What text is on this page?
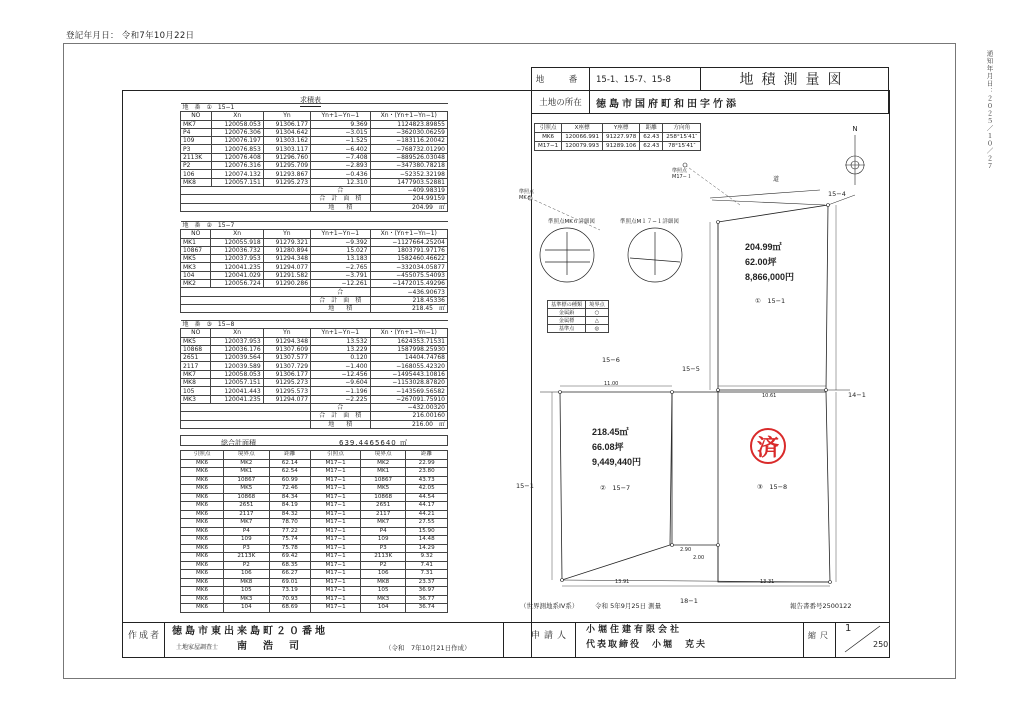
登記年月日： 令和7年10月22日
通知年月日：２０２５／１０／２７
地　番	15-1、15-7、15-8	地積測量図
土地の所在	徳島市国府町和田字竹添
求積表
地　番　①　15−1				
NO	Xn	Yn	Yn+1−Yn−1	Xn・(Yn+1−Yn−1)
MK7	120058.053	91306.177	9.369	1124823.89855
P4	120076.306	91304.642	−3.015	−362030.06259
109	120076.197	91303.162	−1.525	−183116.20042
P3	120076.853	91303.117	−6.402	−768732.01290
2113K	120076.408	91296.760	−7.408	−889526.03048
P2	120076.316	91295.709	−2.893	−347380.78218
106	120074.132	91293.867	−0.436	−52352.32198
MK8	120057.151	91295.273	12.310	1477903.52881
			合	−409.98319
			合　計　面　積	204.99159
			地　　積	204.99　㎡
地　番　②　15−7				
NO	Xn	Yn	Yn+1−Yn−1	Xn・(Yn+1−Yn−1)
MK1	120055.918	91279.321	−9.392	−1127664.25204
10867	120036.732	91280.894	15.027	1803791.97176
MK5	120037.953	91294.348	13.183	1582460.46622
MK3	120041.235	91294.077	−2.765	−332034.05877
104	120041.029	91291.582	−3.791	−455075.54093
MK2	120056.724	91290.286	−12.261	−1472015.49296
			合	−436.90673
			合　計　面　積	218.45336
			地　　積	218.45　㎡
地　番　③　15−8				
NO	Xn	Yn	Yn+1−Yn−1	Xn・(Yn+1−Yn−1)
MK5	120037.953	91294.348	13.532	1624353.71531
10868	120036.176	91307.609	13.229	1587998.25930
2651	120039.564	91307.577	0.120	14404.74768
2117	120039.589	91307.729	−1.400	−168055.42320
MK7	120058.053	91306.177	−12.456	−1495443.10816
MK8	120057.151	91295.273	−9.604	−1153028.87820
105	120041.443	91295.573	−1.196	−143569.56582
MK3	120041.235	91294.077	−2.225	−267091.75910
			合	−432.00320
			合　計　面　積	216.00160
			地　　積	216.00　㎡
総合計面積	639.4465640 ㎡
引照点	境界点	距離	引照点	境界点	距離
MK6	MK2	62.14	M17−1	MK2	22.99
MK6	MK1	62.54	M17−1	MK1	23.80
MK6	10867	60.99	M17−1	10867	43.73
MK6	MK5	72.46	M17−1	MK5	42.05
MK6	10868	84.34	M17−1	10868	44.54
MK6	2651	84.19	M17−1	2651	44.17
MK6	2117	84.32	M17−1	2117	44.21
MK6	MK7	78.70	M17−1	MK7	27.55
MK6	P4	77.22	M17−1	P4	15.90
MK6	109	75.74	M17−1	109	14.48
MK6	P3	75.78	M17−1	P3	14.29
MK6	2113K	69.42	M17−1	2113K	9.32
MK6	P2	68.35	M17−1	P2	7.41
MK6	106	66.27	M17−1	106	7.31
MK6	MK8	69.01	M17−1	MK8	23.37
MK6	105	73.19	M17−1	105	36.97
MK6	MK3	70.93	M17−1	MK3	36.77
MK6	104	68.69	M17−1	104	36.74
引照点	X座標	Y座標	距離	方向角
MK6	120066.991	91227.978	62.43	258°15′41″
M17−1	120079.993	91289.106	62.43	78°15′41″
N
準照点MK６詳細図	準照点M１７−１詳細図
準照点
MK６
準照点
M17−１	道
基準標の種類	境界点
金属鋲	○
金属標	△
基準点	◎
204.99㎡
62.00坪
8,866,000円
①　15−1
218.45㎡
66.08坪
9,449,440円
②　15−7	③　15−8
済
15−4
15−6
15−5
14−1
15−1
18−1
11.00
10.61
2.90
2.00
13.91	13.31
（世界測地系IV系）	令和 5年9月25日 測量	報告書番号2500122
作成者 徳島市東出来島町２０番地
土地家屋調査士 南浩司	（令和　7年10月21日作成）
申請人
小堀住建有限会社
代表取締役　小堀　克夫
縮尺
1
250
